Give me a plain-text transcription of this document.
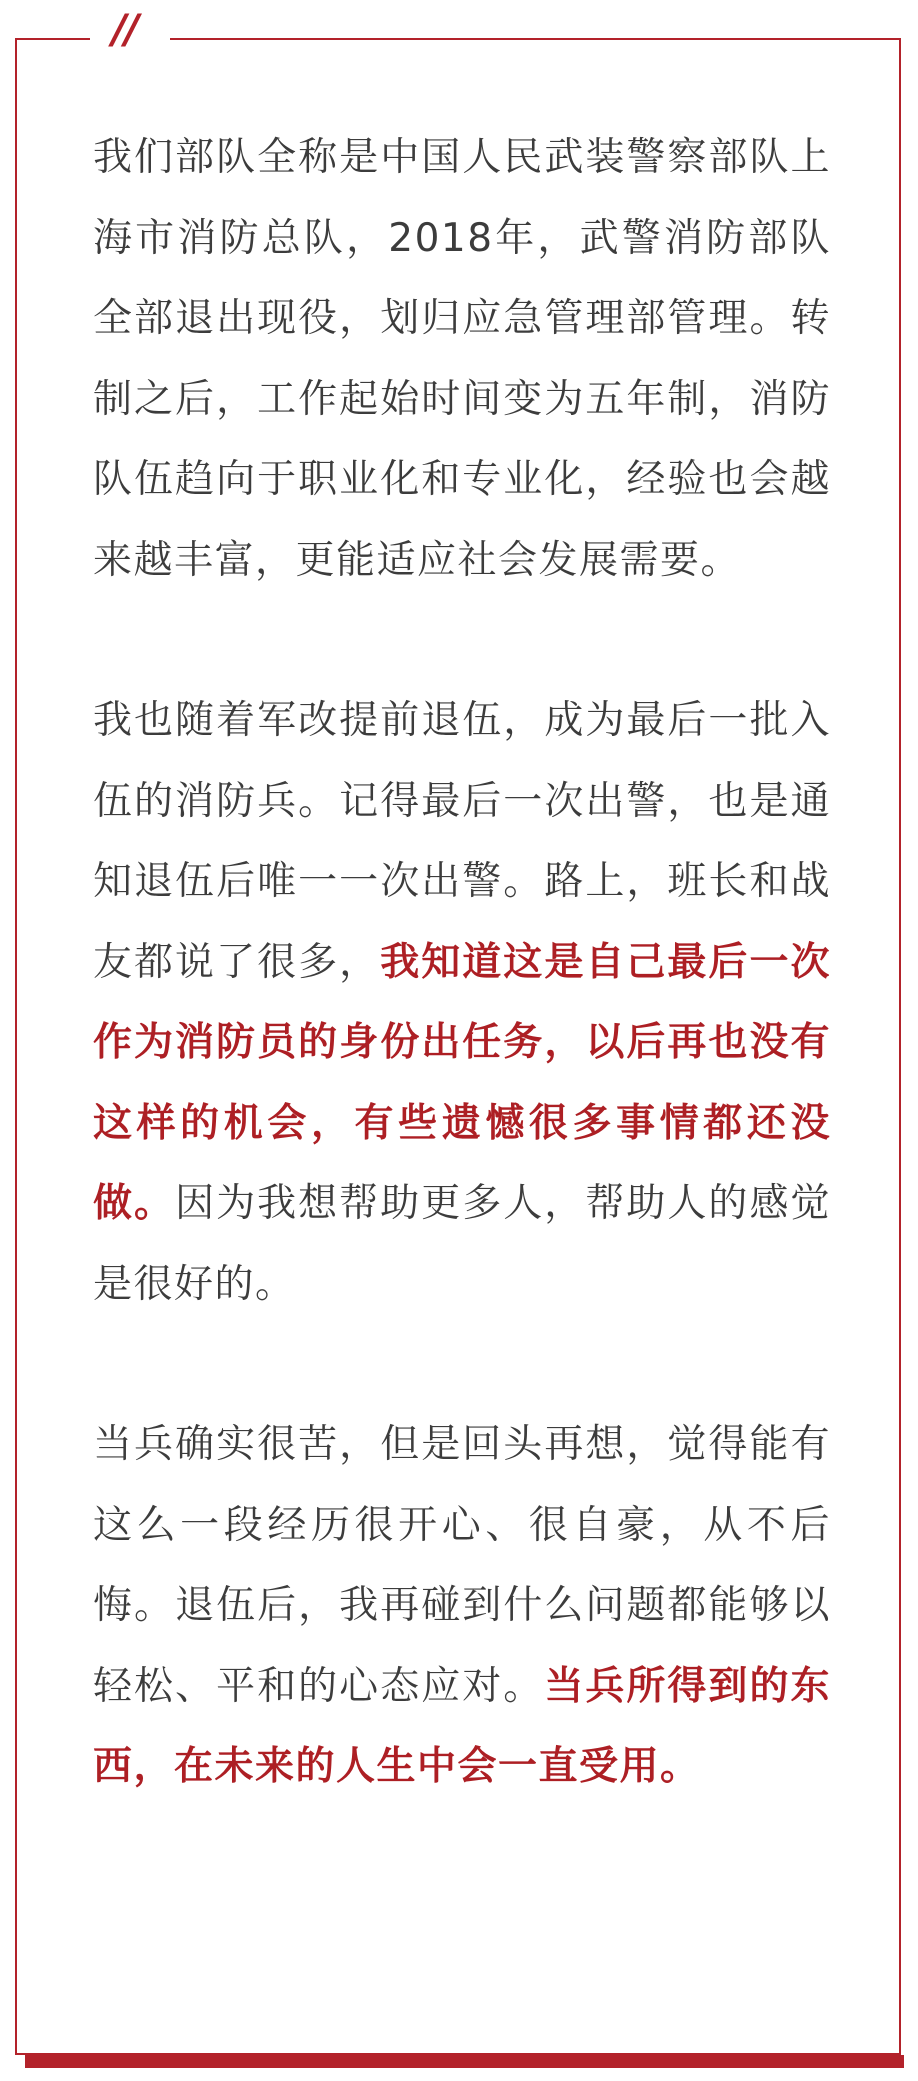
//

我们部队全称是中国人民武装警察部队上海市消防总队，2018年，武警消防部队全部退出现役，划归应急管理部管理。转制之后，工作起始时间变为五年制，消防队伍趋向于职业化和专业化，经验也会越来越丰富，更能适应社会发展需要。

我也随着军改提前退伍，成为最后一批入伍的消防兵。记得最后一次出警，也是通知退伍后唯一一次出警。路上，班长和战友都说了很多，我知道这是自己最后一次作为消防员的身份出任务，以后再也没有这样的机会，有些遗憾很多事情都还没做。因为我想帮助更多人，帮助人的感觉是很好的。

当兵确实很苦，但是回头再想，觉得能有这么一段经历很开心、很自豪，从不后悔。退伍后，我再碰到什么问题都能够以轻松、平和的心态应对。当兵所得到的东西，在未来的人生中会一直受用。
